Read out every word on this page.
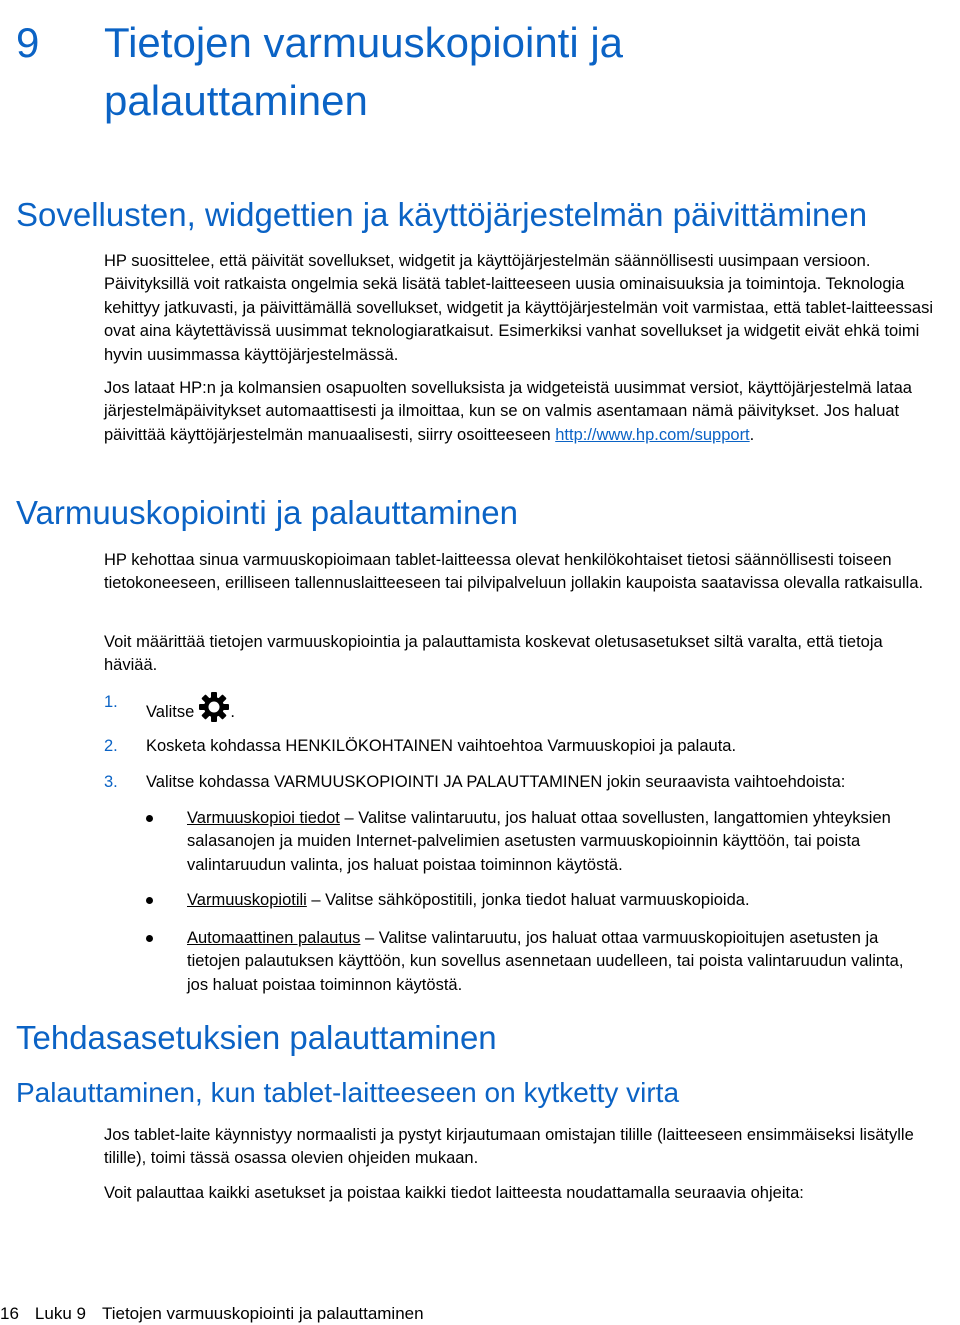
9 Tietojen varmuuskopiointi ja palauttaminen
Sovellusten, widgettien ja käyttöjärjestelmän päivittäminen

HP suosittelee, että päivität sovellukset, widgetit ja käyttöjärjestelmän säännöllisesti uusimpaan versioon. Päivityksillä voit ratkaista ongelmia sekä lisätä tablet-laitteeseen uusia ominaisuuksia ja toimintoja. Teknologia kehittyy jatkuvasti, ja päivittämällä sovellukset, widgetit ja käyttöjärjestelmän voit varmistaa, että tablet-laitteessasi ovat aina käytettävissä uusimmat teknologiaratkaisut. Esimerkiksi vanhat sovellukset ja widgetit eivät ehkä toimi hyvin uusimmassa käyttöjärjestelmässä.

Jos lataat HP:n ja kolmansien osapuolten sovelluksista ja widgeteistä uusimmat versiot, käyttöjärjestelmä lataa järjestelmäpäivitykset automaattisesti ja ilmoittaa, kun se on valmis asentamaan nämä päivitykset. Jos haluat päivittää käyttöjärjestelmän manuaalisesti, siirry osoitteeseen http://www.hp.com/support.

Varmuuskopiointi ja palauttaminen

HP kehottaa sinua varmuuskopioimaan tablet-laitteessa olevat henkilökohtaiset tietosi säännöllisesti toiseen tietokoneeseen, erilliseen tallennuslaitteeseen tai pilvipalveluun jollakin kaupoista saatavissa olevalla ratkaisulla.

Voit määrittää tietojen varmuuskopiointia ja palauttamista koskevat oletusasetukset siltä varalta, että tietoja häviää.

1.
Valitse .
2. Kosketa kohdassa HENKILÖKOHTAINEN vaihtoehtoa Varmuuskopioi ja palauta.
3. Valitse kohdassa VARMUUSKOPIOINTI JA PALAUTTAMINEN jokin seuraavista vaihtoehdoista:
Varmuuskopioi tiedot – Valitse valintaruutu, jos haluat ottaa sovellusten, langattomien yhteyksien salasanojen ja muiden Internet-palvelimien asetusten varmuuskopioinnin käyttöön, tai poista valintaruudun valinta, jos haluat poistaa toiminnon käytöstä.
Varmuuskopiotili – Valitse sähköpostitili, jonka tiedot haluat varmuuskopioida.
Automaattinen palautus – Valitse valintaruutu, jos haluat ottaa varmuuskopioitujen asetusten ja tietojen palautuksen käyttöön, kun sovellus asennetaan uudelleen, tai poista valintaruudun valinta, jos haluat poistaa toiminnon käytöstä.
Tehdasasetuksien palauttaminen
Palauttaminen, kun tablet-laitteeseen on kytketty virta

Jos tablet-laite käynnistyy normaalisti ja pystyt kirjautumaan omistajan tilille (laitteeseen ensimmäiseksi lisätylle tilille), toimi tässä osassa olevien ohjeiden mukaan.

Voit palauttaa kaikki asetukset ja poistaa kaikki tiedot laitteesta noudattamalla seuraavia ohjeita:

16 Luku 9 Tietojen varmuuskopiointi ja palauttaminen
